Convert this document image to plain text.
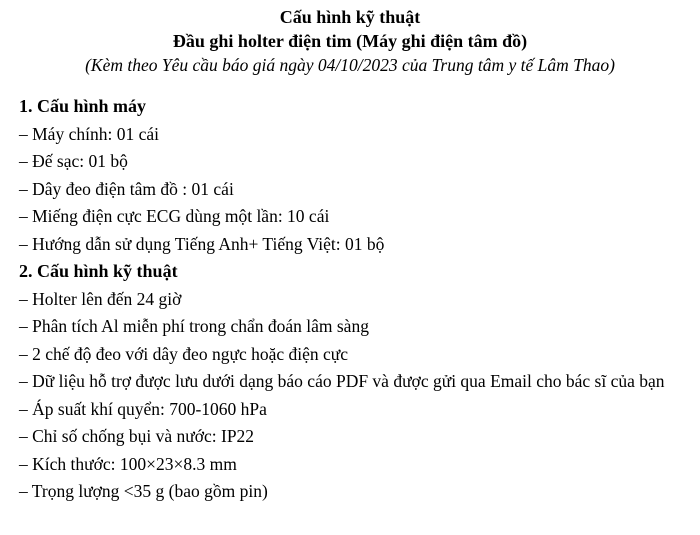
Cấu hình kỹ thuật

Đầu ghi holter điện tim (Máy ghi điện tâm đồ)

(Kèm theo Yêu cầu báo giá ngày 04/10/2023 của Trung tâm y tế Lâm Thao)

1. Cấu hình máy

– Máy chính: 01 cái

– Đế sạc: 01 bộ

– Dây đeo điện tâm đồ : 01 cái

– Miếng điện cực ECG dùng một lần: 10 cái

– Hướng dẫn sử dụng Tiếng Anh+ Tiếng Việt: 01 bộ

2. Cấu hình kỹ thuật

– Holter lên đến 24 giờ

– Phân tích Al miễn phí trong chẩn đoán lâm sàng

– 2 chế độ đeo với dây đeo ngực hoặc điện cực

– Dữ liệu hỗ trợ được lưu dưới dạng báo cáo PDF và được gửi qua Email cho bác sĩ của bạn

– Áp suất khí quyển: 700-1060 hPa

– Chỉ số chống bụi và nước: IP22

– Kích thước: 100×23×8.3 mm

– Trọng lượng <35 g (bao gồm pin)
